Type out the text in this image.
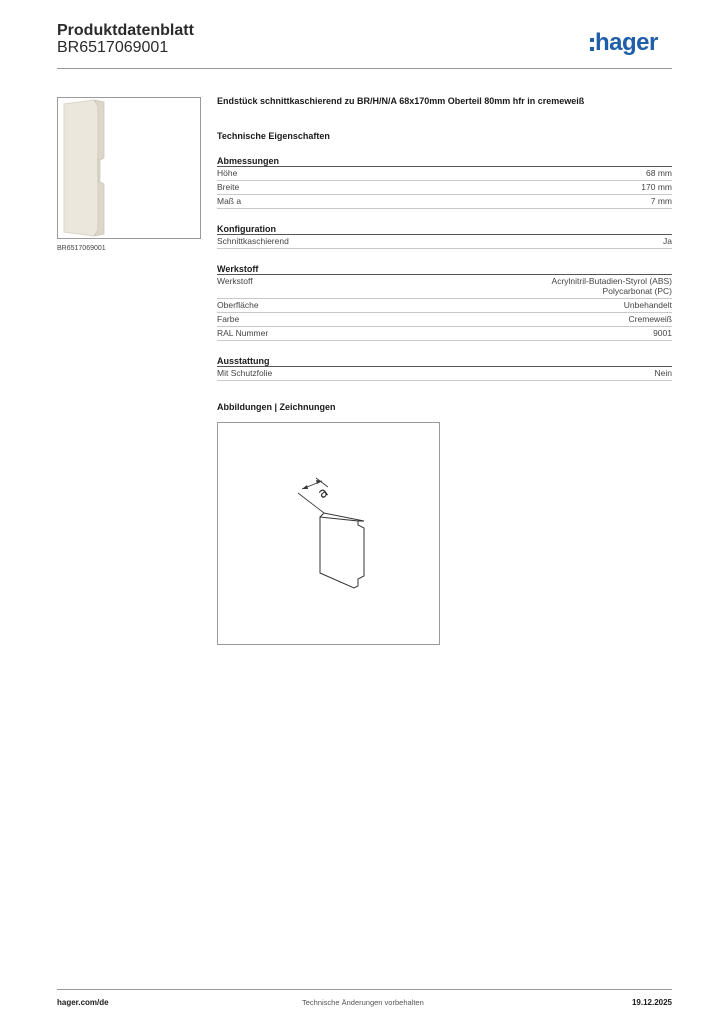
Produktdatenblatt
BR6517069001	hager
BR6517069001
Endstück schnittkaschierend zu BR/H/N/A 68x170mm Oberteil 80mm hfr in cremeweiß
Technische Eigenschaften
Abmessungen
Höhe	68 mm
Breite	170 mm
Maß a	7 mm
Konfiguration
Schnittkaschierend	Ja
Werkstoff
Werkstoff	Acrylnitril-Butadien-Styrol (ABS)
Polycarbonat (PC)
Oberfläche	Unbehandelt
Farbe	Cremeweiß
RAL Nummer	9001
Ausstattung
Mit Schutzfolie	Nein
Abbildungen | Zeichnungen
a
hager.com/de	Technische Änderungen vorbehalten	19.12.2025
